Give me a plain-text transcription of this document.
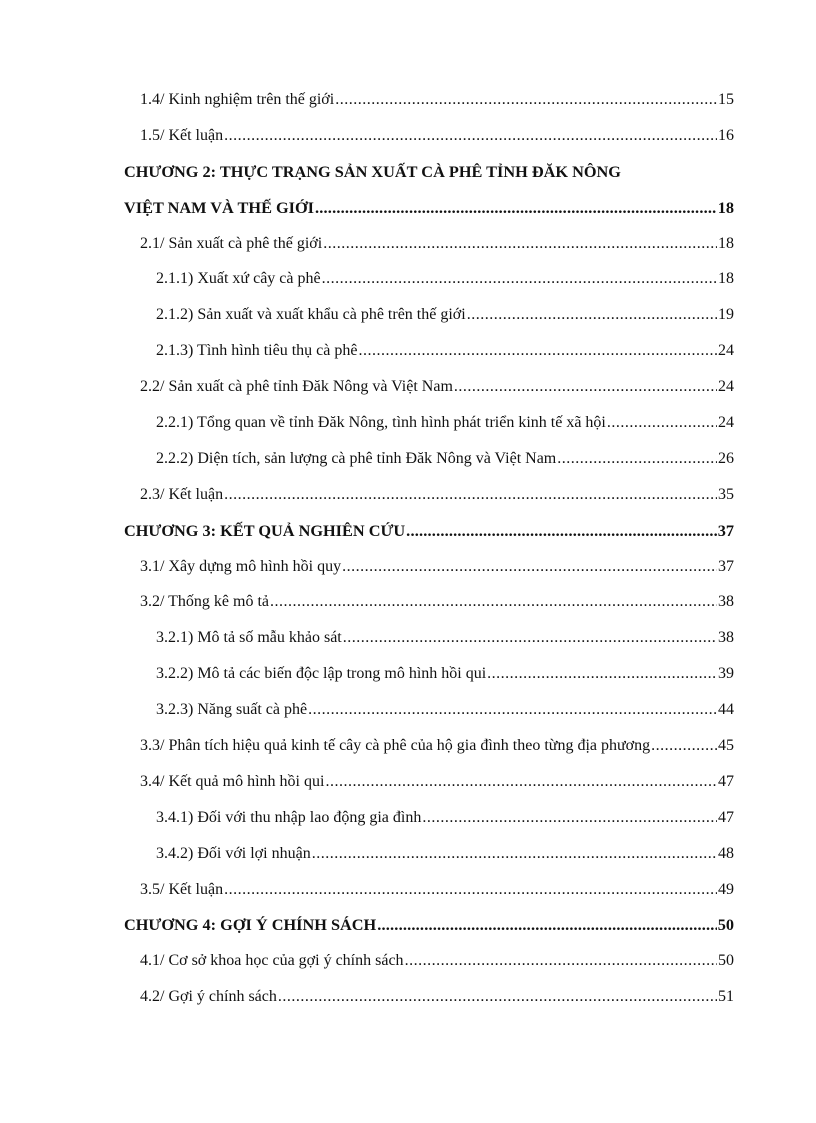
1.4/ Kinh nghiệm trên thế giới .....	15
1.5/ Kết luận .....	16
CHƯƠNG 2: THỰC TRẠNG SẢN XUẤT CÀ PHÊ TỈNH ĐĂK NÔNG
VIỆT NAM VÀ THẾ GIỚI .....	18
2.1/ Sản xuất cà phê thế giới .....	18
2.1.1) Xuất xứ cây cà phê .....	18
2.1.2) Sản xuất và xuất khẩu cà phê trên thế giới .....	19
2.1.3) Tình hình tiêu thụ cà phê .....	24
2.2/ Sản xuất cà phê tỉnh Đăk Nông và Việt Nam .....	24
2.2.1) Tổng quan về tỉnh Đăk Nông, tình hình phát triển kinh tế xã hội .....	24
2.2.2) Diện tích, sản lượng cà phê tỉnh Đăk Nông và Việt Nam .....	26
2.3/ Kết luận .....	35
CHƯƠNG 3: KẾT QUẢ NGHIÊN CỨU .....	37
3.1/ Xây dựng mô hình hồi quy .....	37
3.2/ Thống kê mô tả .....	38
3.2.1) Mô tả số mẫu khảo sát .....	38
3.2.2) Mô tả các biến độc lập trong mô hình hồi qui .....	39
3.2.3) Năng suất cà phê .....	44
3.3/ Phân tích hiệu quả kinh tế cây cà phê của hộ gia đình theo từng địa phương .....	45
3.4/ Kết quả mô hình hồi qui .....	47
3.4.1) Đối với thu nhập lao động gia đình .....	47
3.4.2) Đối với lợi nhuận .....	48
3.5/ Kết luận .....	49
CHƯƠNG 4: GỢI Ý CHÍNH SÁCH .....	50
4.1/ Cơ sở khoa học của gợi ý chính sách .....	50
4.2/ Gợi ý chính sách .....	51
